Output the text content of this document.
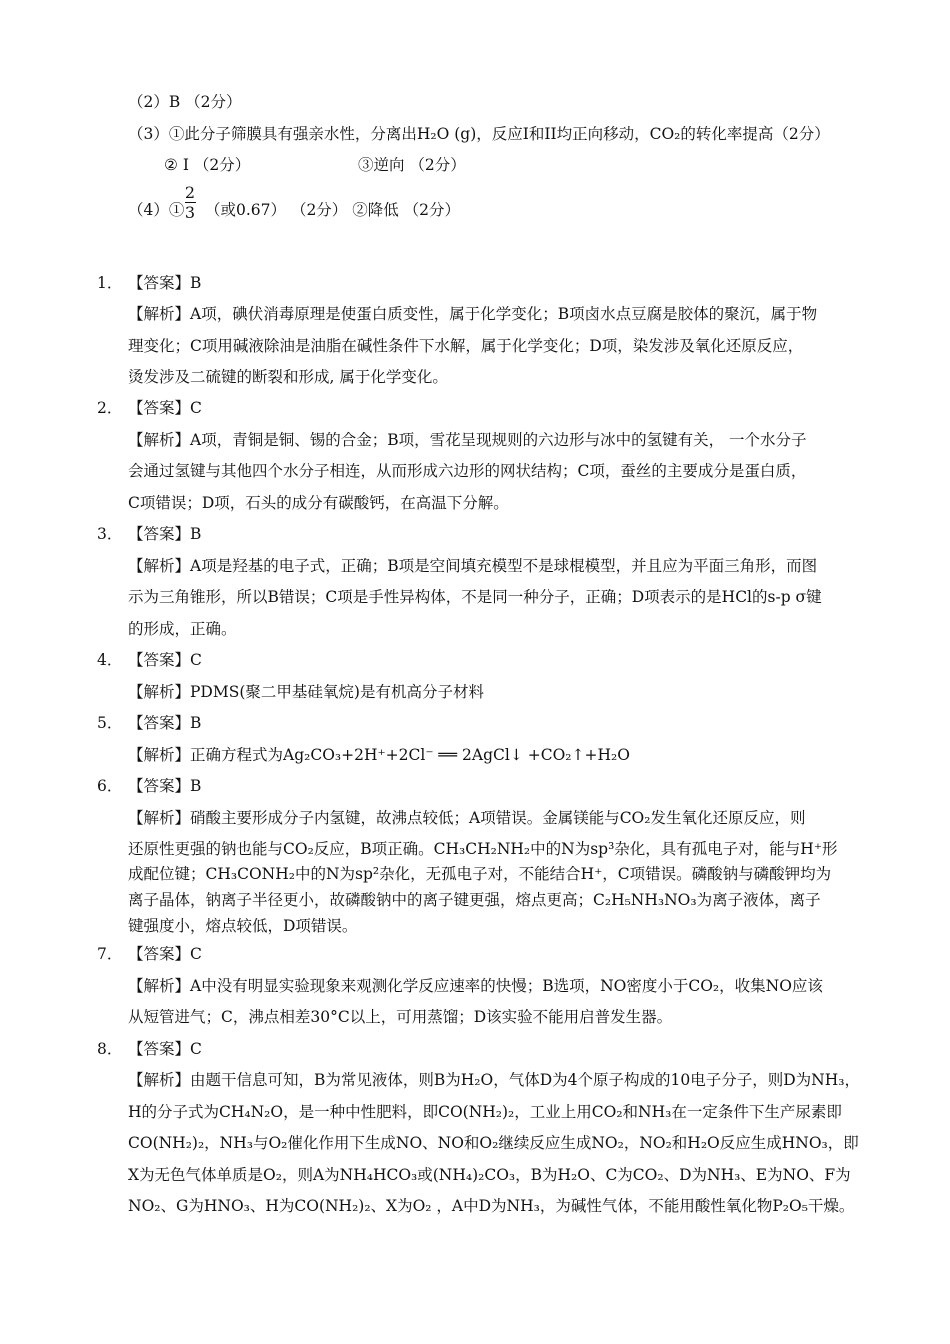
（2）B （2分）
（3）①此分子筛膜具有强亲水性，分离出H₂O (g)，反应I和II均正向移动，CO₂的转化率提高（2分）
② I （2分）	③逆向 （2分）
（4）①
2
3 （或0.67） （2分） ②降低 （2分）
1． 【答案】B
【解析】A项，碘伏消毒原理是使蛋白质变性，属于化学变化；B项卤水点豆腐是胶体的聚沉，属于物
理变化；C项用碱液除油是油脂在碱性条件下水解，属于化学变化；D项，染发涉及氧化还原反应，
烫发涉及二硫键的断裂和形成, 属于化学变化。
2． 【答案】C
【解析】A项，青铜是铜、锡的合金；B项，雪花呈现规则的六边形与冰中的氢键有关， 一个水分子
会通过氢键与其他四个水分子相连，从而形成六边形的网状结构；C项，蚕丝的主要成分是蛋白质，
C项错误；D项，石头的成分有碳酸钙，在高温下分解。
3． 【答案】B
【解析】A项是羟基的电子式，正确；B项是空间填充模型不是球棍模型，并且应为平面三角形，而图
示为三角锥形，所以B错误；C项是手性异构体，不是同一种分子，正确；D项表示的是HCl的s-p σ键
的形成，正确。
4． 【答案】C
【解析】PDMS(聚二甲基硅氧烷)是有机高分子材料
5． 【答案】B
【解析】正确方程式为Ag₂CO₃+2H⁺+2Cl⁻ ══ 2AgCl↓ +CO₂↑+H₂O
6． 【答案】B
【解析】硝酸主要形成分子内氢键，故沸点较低；A项错误。金属镁能与CO₂发生氧化还原反应，则
还原性更强的钠也能与CO₂反应，B项正确。CH₃CH₂NH₂中的N为sp³杂化，具有孤电子对，能与H⁺形
成配位键；CH₃CONH₂中的N为sp²杂化，无孤电子对，不能结合H⁺，C项错误。磷酸钠与磷酸钾均为
离子晶体，钠离子半径更小，故磷酸钠中的离子键更强，熔点更高；C₂H₅NH₃NO₃为离子液体，离子
键强度小，熔点较低，D项错误。
7． 【答案】C
【解析】A中没有明显实验现象来观测化学反应速率的快慢；B选项，NO密度小于CO₂，收集NO应该
从短管进气；C，沸点相差30°C以上，可用蒸馏；D该实验不能用启普发生器。
8． 【答案】C
【解析】由题干信息可知，B为常见液体，则B为H₂O，气体D为4个原子构成的10电子分子，则D为NH₃，
H的分子式为CH₄N₂O，是一种中性肥料，即CO(NH₂)₂，工业上用CO₂和NH₃在一定条件下生产尿素即
CO(NH₂)₂，NH₃与O₂催化作用下生成NO、NO和O₂继续反应生成NO₂，NO₂和H₂O反应生成HNO₃，即
X为无色气体单质是O₂，则A为NH₄HCO₃或(NH₄)₂CO₃，B为H₂O、C为CO₂、D为NH₃、E为NO、F为
NO₂、G为HNO₃、H为CO(NH₂)₂、X为O₂ ，A中D为NH₃，为碱性气体，不能用酸性氧化物P₂O₅干燥。
